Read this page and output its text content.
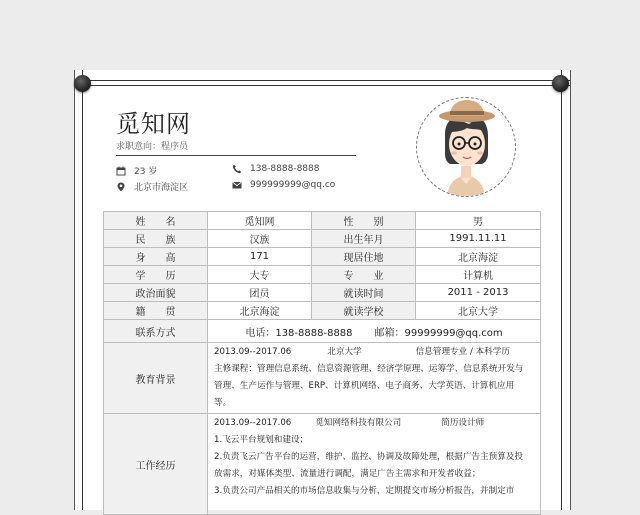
觅知网
求职意向：程序员
23 岁
北京市海淀区
138-8888-8888
999999999@qq.co
姓 名	觅知网	性 别	男
民 族	汉族	出生年月	1991.11.11
身 高	171	现居住地	北京海淀
学 历	大专	专 业	计算机
政治面貌	团员	就读时间	2011 - 2013
籍 贯	北京海淀	就读学校	北京大学
联系方式	电话：138-8888-8888 邮箱：99999999@qq.com		
教育背景	2013.09--2017.06 北京大学 信息管理专业 / 本科学历
主修课程：管理信息系统、信息资源管理、经济学原理、运筹学、信息系统开发与
管理、生产运作与管理、ERP、计算机网络、电子商务、大学英语、计算机应用
等。		

工作经历	2013.09--2017.06 觅知网络科技有限公司 简历设计师
1.飞云平台规划和建设；
2.负责飞云广告平台的运营，维护、监控、协调及故障处理，根据广告主预算及投
放需求，对媒体类型、流量进行调配，满足广告主需求和开发者收益；
3.负责公司产品相关的市场信息收集与分析，定期提交市场分析报告，并制定市		
